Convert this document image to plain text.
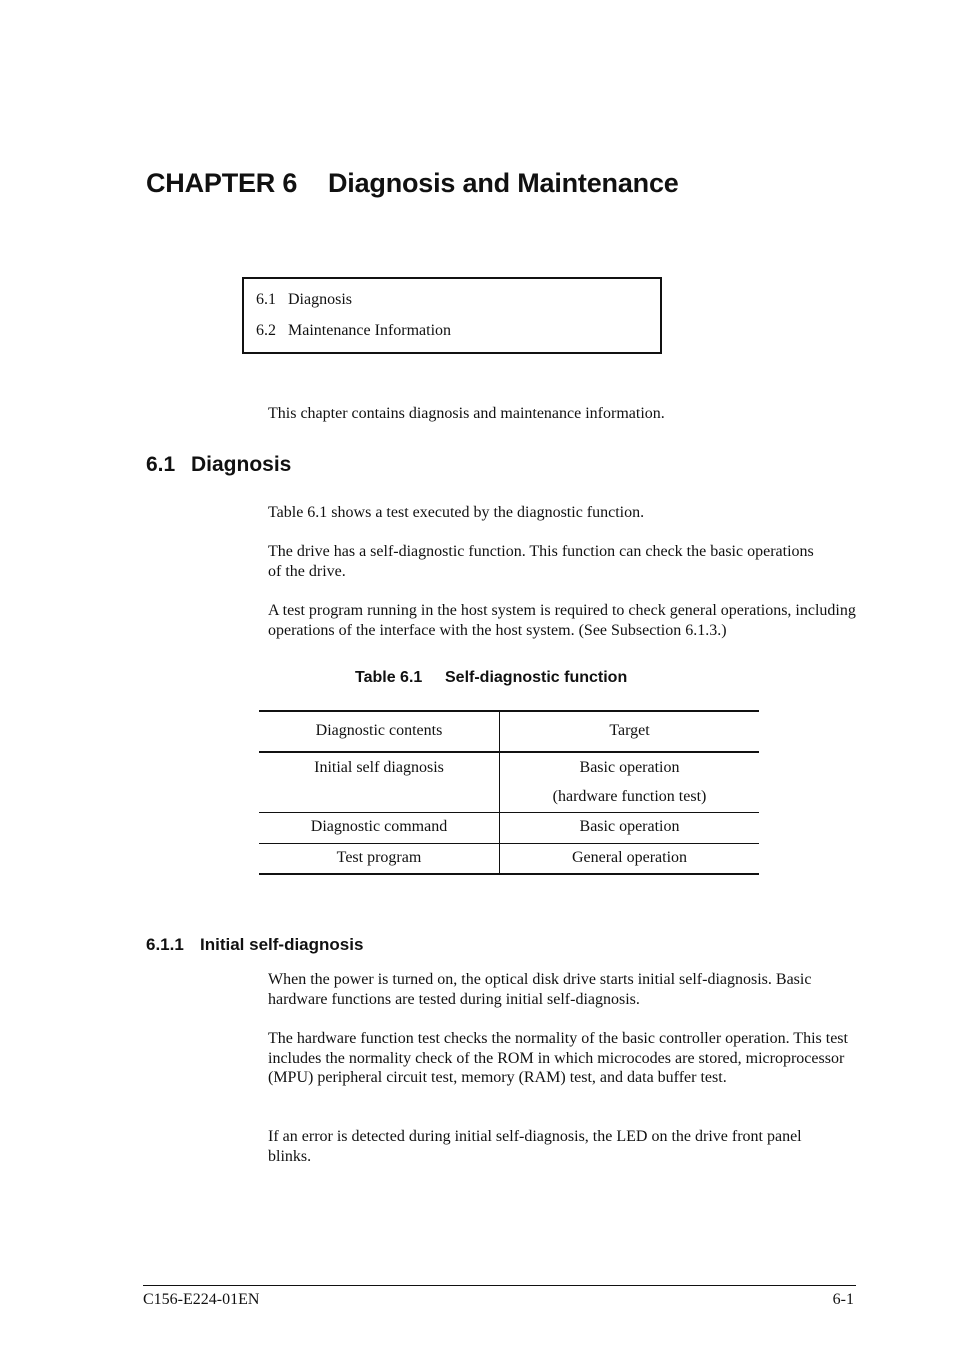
CHAPTER 6 Diagnosis and Maintenance
6.1 Diagnosis
6.2 Maintenance Information
This chapter contains diagnosis and maintenance information.
6.1 Diagnosis
Table 6.1 shows a test executed by the diagnostic function.
The drive has a self-diagnostic function. This function can check the basic operations of the drive.
A test program running in the host system is required to check general operations, including operations of the interface with the host system. (See Subsection 6.1.3.)
Table 6.1 Self-diagnostic function
Diagnostic contents	Target
Initial self diagnosis	Basic operation
(hardware function test)
Diagnostic command	Basic operation
Test program	General operation
6.1.1 Initial self-diagnosis
When the power is turned on, the optical disk drive starts initial self-diagnosis. Basic hardware functions are tested during initial self-diagnosis.
The hardware function test checks the normality of the basic controller operation. This test includes the normality check of the ROM in which microcodes are stored, microprocessor (MPU) peripheral circuit test, memory (RAM) test, and data buffer test.
If an error is detected during initial self-diagnosis, the LED on the drive front panel blinks.
C156-E224-01EN	6-1
